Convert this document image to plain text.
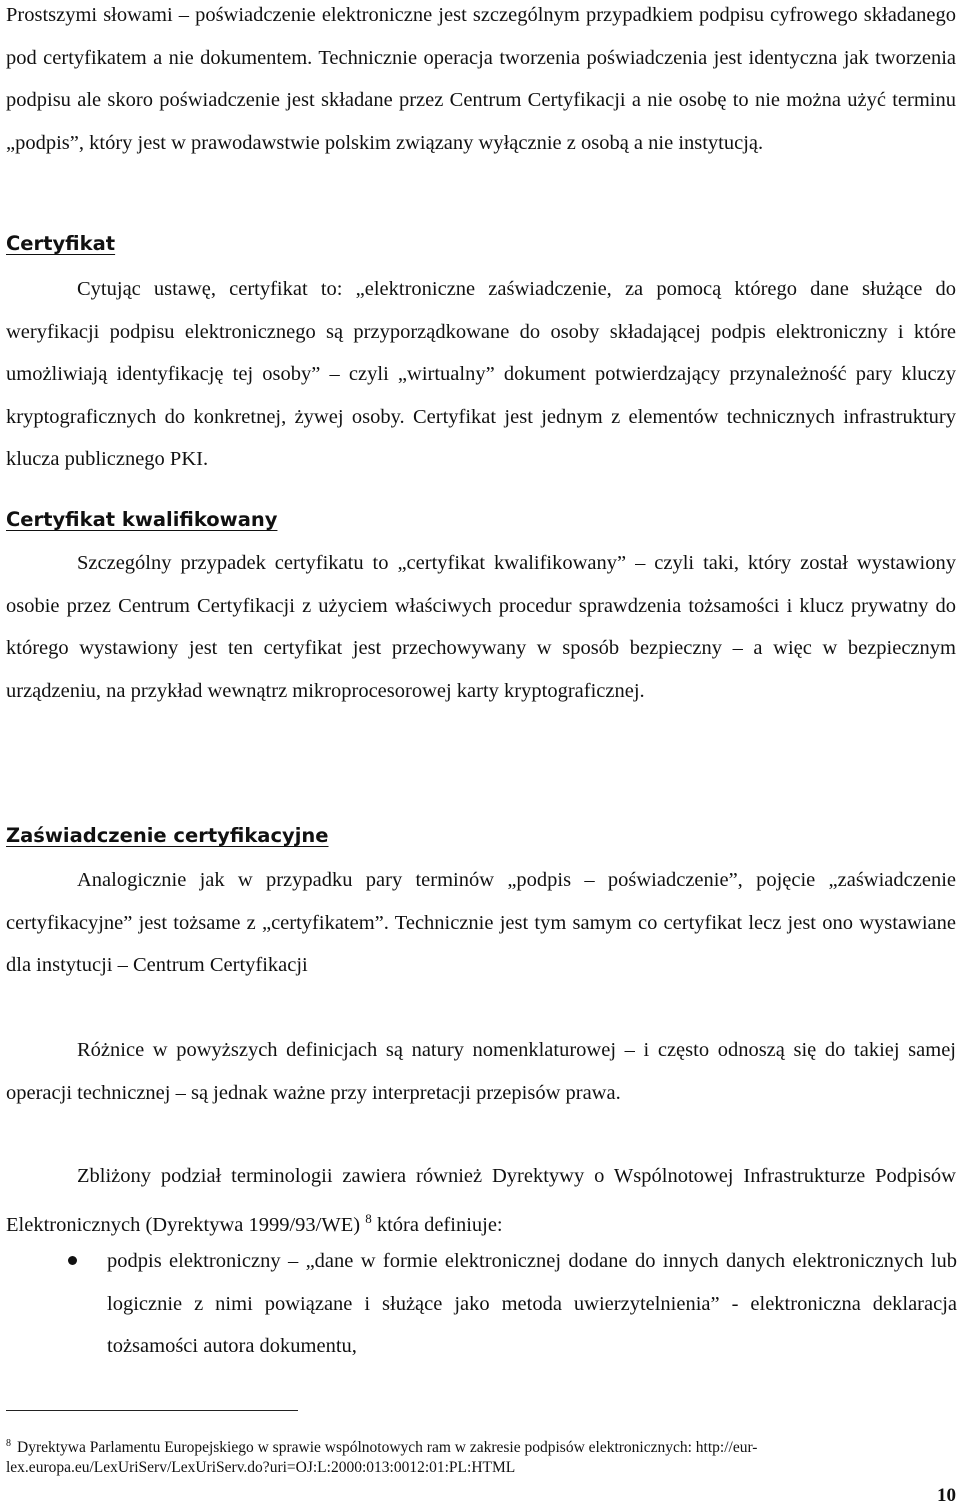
Prostszymi słowami – poświadczenie elektroniczne jest szczególnym przypadkiem podpisu cyfrowego składanego pod certyfikatem a nie dokumentem. Technicznie operacja tworzenia poświadczenia jest identyczna jak tworzenia podpisu ale skoro poświadczenie jest składane przez Centrum Certyfikacji a nie osobę to nie można użyć terminu „podpis”, który jest w prawodawstwie polskim związany wyłącznie z osobą a nie instytucją.

Certyfikat

Cytując ustawę, certyfikat to: „elektroniczne zaświadczenie, za pomocą którego dane służące do weryfikacji podpisu elektronicznego są przyporządkowane do osoby składającej podpis elektroniczny i które umożliwiają identyfikację tej osoby” – czyli „wirtualny” dokument potwierdzający przynależność pary kluczy kryptograficznych do konkretnej, żywej osoby. Certyfikat jest jednym z elementów technicznych infrastruktury klucza publicznego PKI.

Certyfikat kwalifikowany

Szczególny przypadek certyfikatu to „certyfikat kwalifikowany” – czyli taki, który został wystawiony osobie przez Centrum Certyfikacji z użyciem właściwych procedur sprawdzenia tożsamości i klucz prywatny do którego wystawiony jest ten certyfikat jest przechowywany w sposób bezpieczny – a więc w bezpiecznym urządzeniu, na przykład wewnątrz mikroprocesorowej karty kryptograficznej.

Zaświadczenie certyfikacyjne

Analogicznie jak w przypadku pary terminów „podpis – poświadczenie”, pojęcie „zaświadczenie certyfikacyjne” jest tożsame z „certyfikatem”. Technicznie jest tym samym co certyfikat lecz jest ono wystawiane dla instytucji – Centrum Certyfikacji

Różnice w powyższych definicjach są natury nomenklaturowej – i często odnoszą się do takiej samej operacji technicznej – są jednak ważne przy interpretacji przepisów prawa.

Zbliżony podział terminologii zawiera również Dyrektywy o Wspólnotowej Infrastrukturze Podpisów Elektronicznych (Dyrektywa 1999/93/WE) $^8$ która definiuje:

podpis elektroniczny – „dane w formie elektronicznej dodane do innych danych elektronicznych lub logicznie z nimi powiązane i służące jako metoda uwierzytelnienia” - elektroniczna deklaracja tożsamości autora dokumentu,

$^8$ Dyrektywa Parlamentu Europejskiego w sprawie wspólnotowych ram w zakresie podpisów elektronicznych: http://eur-lex.europa.eu/LexUriServ/LexUriServ.do?uri=OJ:L:2000:013:0012:01:PL:HTML

10
